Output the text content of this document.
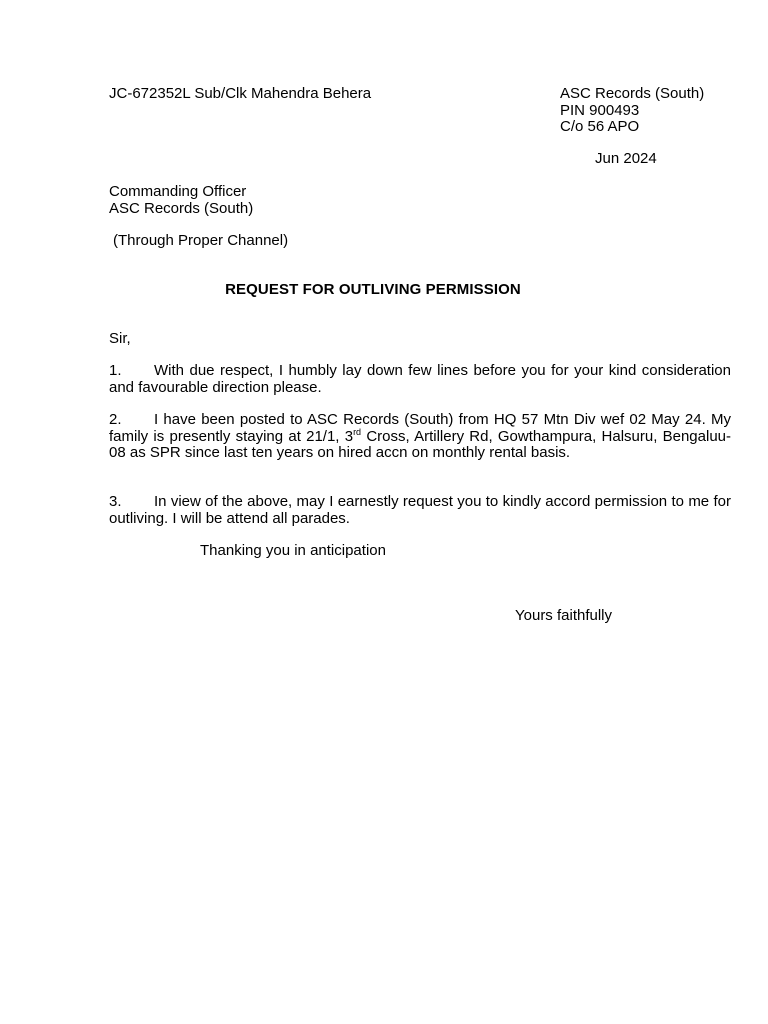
JC-672352L Sub/Clk Mahendra Behera	ASC Records (South)
PIN 900493
C/o 56 APO
Jun 2024
Commanding Officer
ASC Records (South)
(Through Proper Channel)
REQUEST FOR OUTLIVING PERMISSION
Sir,
1. With due respect, I humbly lay down few lines before you for your kind consideration and favourable direction please.
2. I have been posted to ASC Records (South) from HQ 57 Mtn Div wef 02 May 24. My family is presently staying at 21/1, 3rd Cross, Artillery Rd, Gowthampura, Halsuru, Bengaluu-08 as SPR since last ten years on hired accn on monthly rental basis.
3. In view of the above, may I earnestly request you to kindly accord permission to me for outliving. I will be attend all parades.
Thanking you in anticipation
Yours faithfully
